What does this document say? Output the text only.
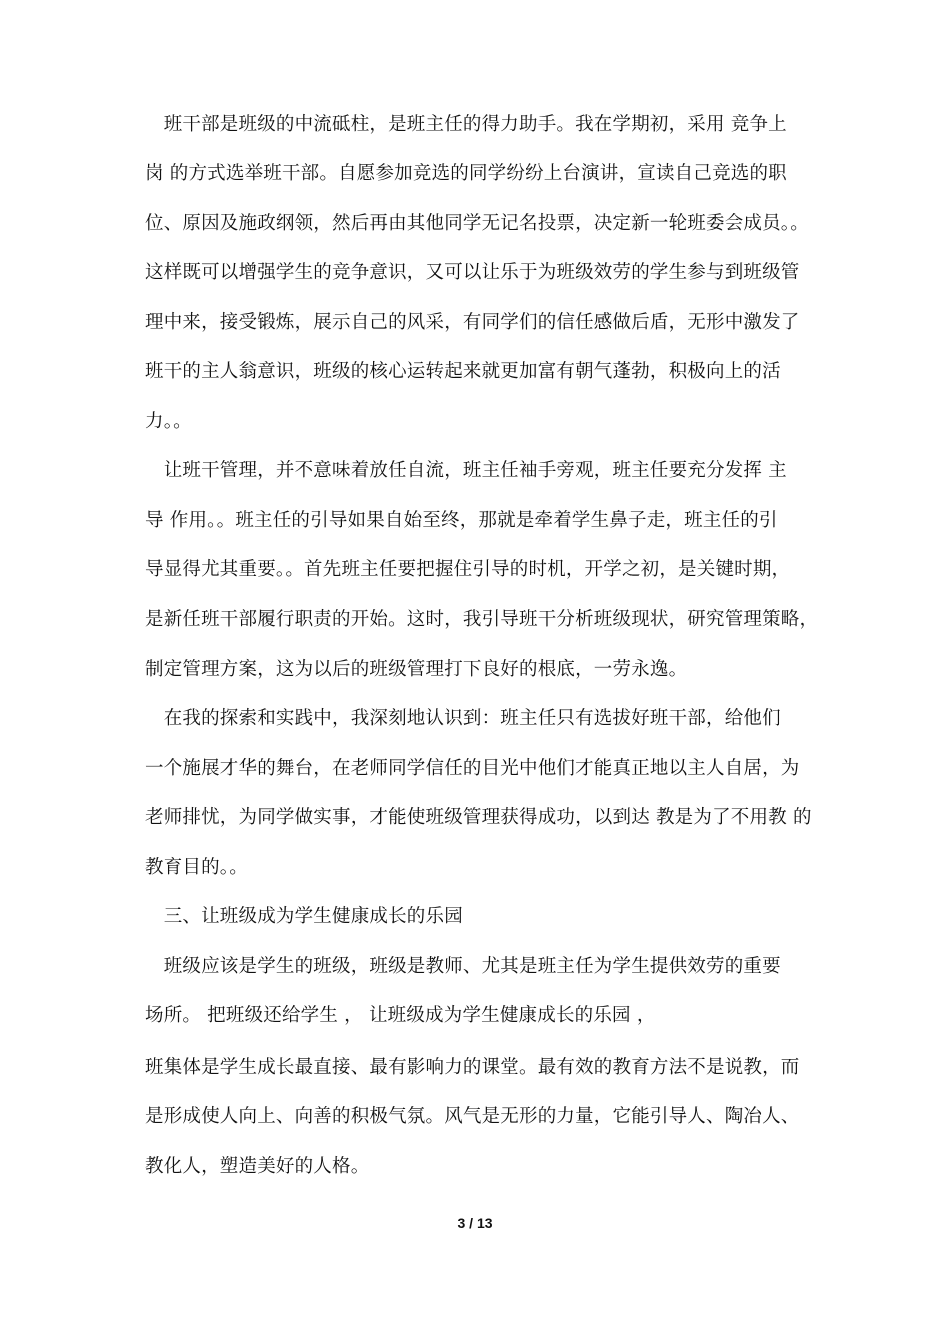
　班干部是班级的中流砥柱，是班主任的得力助手。我在学期初，采用 竞争上
岗 的方式选举班干部。自愿参加竞选的同学纷纷上台演讲，宣读自己竞选的职
位、原因及施政纲领，然后再由其他同学无记名投票，决定新一轮班委会成员。。
这样既可以增强学生的竞争意识，又可以让乐于为班级效劳的学生参与到班级管
理中来，接受锻炼，展示自己的风采，有同学们的信任感做后盾，无形中激发了
班干的主人翁意识，班级的核心运转起来就更加富有朝气蓬勃，积极向上的活
力。。
　让班干管理，并不意味着放任自流，班主任袖手旁观，班主任要充分发挥 主
导 作用。。班主任的引导如果自始至终，那就是牵着学生鼻子走，班主任的引
导显得尤其重要。。首先班主任要把握住引导的时机，开学之初，是关键时期，
是新任班干部履行职责的开始。这时，我引导班干分析班级现状，研究管理策略，
制定管理方案，这为以后的班级管理打下良好的根底，一劳永逸。
　在我的探索和实践中，我深刻地认识到：班主任只有选拔好班干部，给他们
一个施展才华的舞台，在老师同学信任的目光中他们才能真正地以主人自居，为
老师排忧，为同学做实事，才能使班级管理获得成功，以到达 教是为了不用教 的
教育目的。。
　三、让班级成为学生健康成长的乐园
　班级应该是学生的班级，班级是教师、尤其是班主任为学生提供效劳的重要
场所。 把班级还给学生 ， 让班级成为学生健康成长的乐园 ，
班集体是学生成长最直接、最有影响力的课堂。最有效的教育方法不是说教，而
是形成使人向上、向善的积极气氛。风气是无形的力量，它能引导人、陶冶人、
教化人，塑造美好的人格。
3 / 13
